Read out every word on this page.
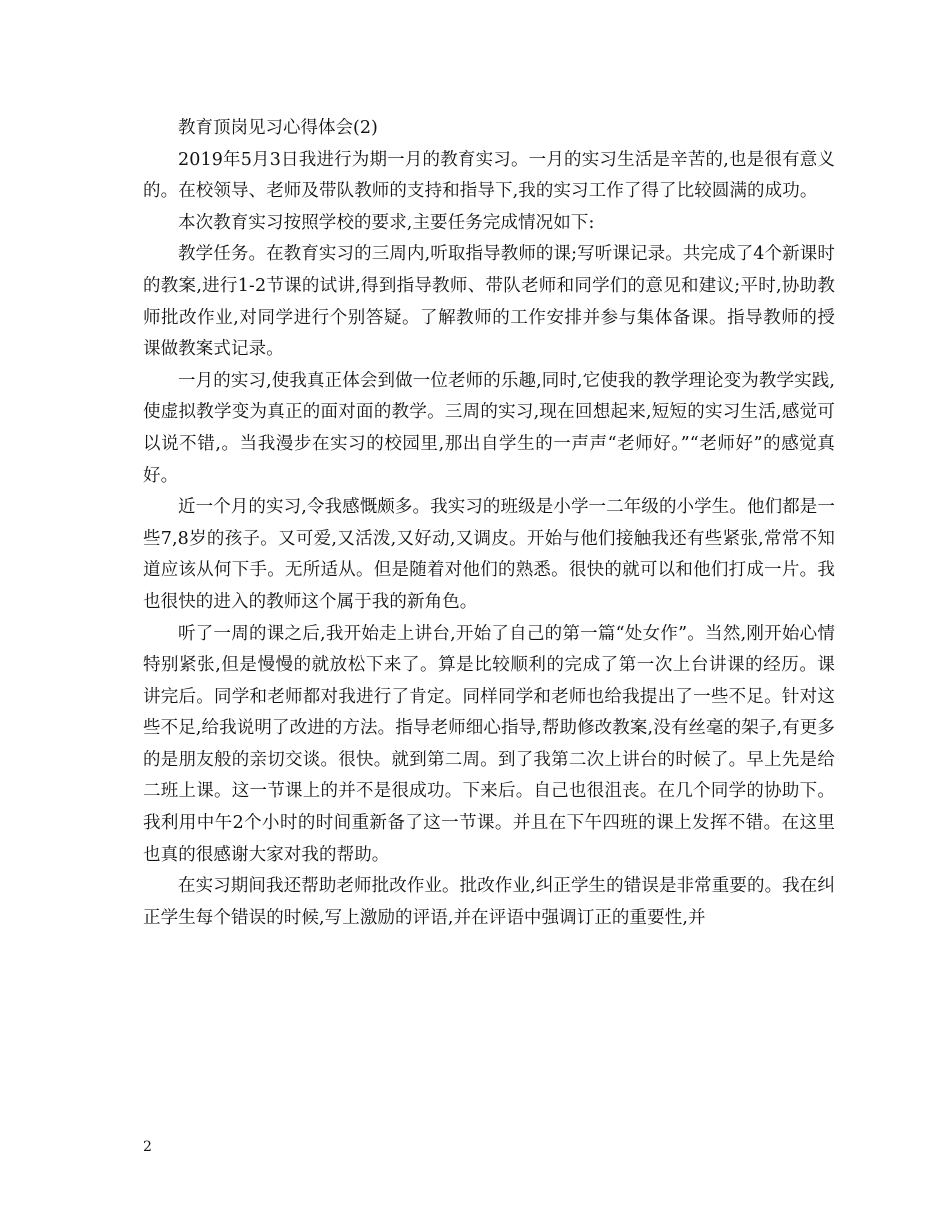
教育顶岗见习心得体会(2)

2019年5月3日我进行为期一月的教育实习。一月的实习生活是辛苦的,也是很有意义的。在校领导、老师及带队教师的支持和指导下,我的实习工作了得了比较圆满的成功。

本次教育实习按照学校的要求,主要任务完成情况如下:

教学任务。在教育实习的三周内,听取指导教师的课;写听课记录。共完成了4个新课时的教案,进行1-2节课的试讲,得到指导教师、带队老师和同学们的意见和建议;平时,协助教师批改作业,对同学进行个别答疑。了解教师的工作安排并参与集体备课。指导教师的授课做教案式记录。

一月的实习,使我真正体会到做一位老师的乐趣,同时,它使我的教学理论变为教学实践,使虚拟教学变为真正的面对面的教学。三周的实习,现在回想起来,短短的实习生活,感觉可以说不错,。当我漫步在实习的校园里,那出自学生的一声声“老师好。”“老师好”的感觉真好。

近一个月的实习,令我感慨颇多。我实习的班级是小学一二年级的小学生。他们都是一些7,8岁的孩子。又可爱,又活泼,又好动,又调皮。开始与他们接触我还有些紧张,常常不知道应该从何下手。无所适从。但是随着对他们的熟悉。很快的就可以和他们打成一片。我也很快的进入的教师这个属于我的新角色。

听了一周的课之后,我开始走上讲台,开始了自己的第一篇“处女作”。当然,刚开始心情特别紧张,但是慢慢的就放松下来了。算是比较顺利的完成了第一次上台讲课的经历。课讲完后。同学和老师都对我进行了肯定。同样同学和老师也给我提出了一些不足。针对这些不足,给我说明了改进的方法。指导老师细心指导,帮助修改教案,没有丝毫的架子,有更多的是朋友般的亲切交谈。很快。就到第二周。到了我第二次上讲台的时候了。早上先是给二班上课。这一节课上的并不是很成功。下来后。自己也很沮丧。在几个同学的协助下。我利用中午2个小时的时间重新备了这一节课。并且在下午四班的课上发挥不错。在这里也真的很感谢大家对我的帮助。

在实习期间我还帮助老师批改作业。批改作业,纠正学生的错误是非常重要的。我在纠正学生每个错误的时候,写上激励的评语,并在评语中强调订正的重要性,并

2
